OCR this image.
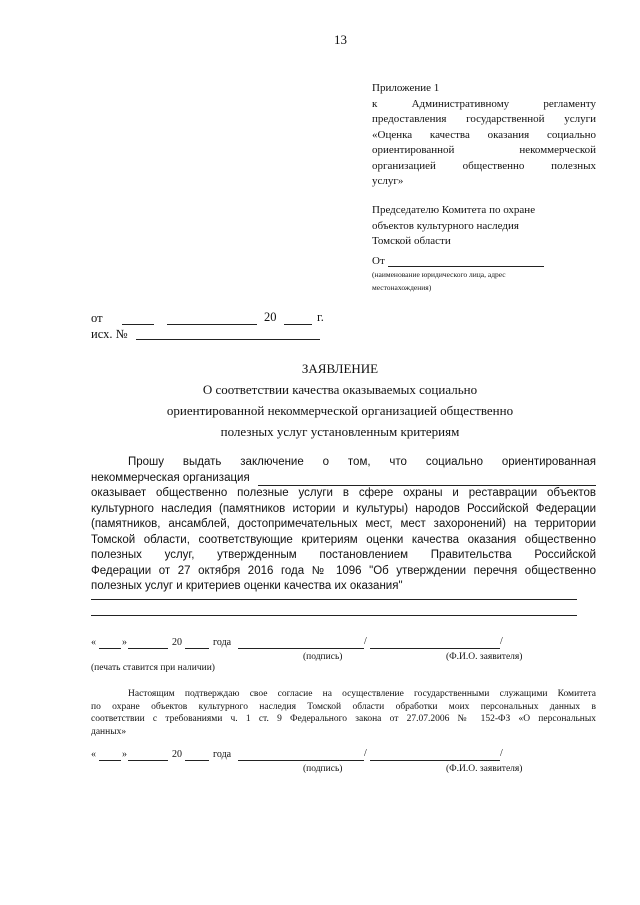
13
Приложение 1
к Административному регламенту
предоставления государственной услуги
«Оценка качества оказания социально
ориентированной некоммерческой
организацией общественно полезных
услуг»
Председателю Комитета по охране
объектов культурного наследия
Томской области
От
(наименование юридического лица, адрес
местонахождения)
от	20	г.
исх. №
ЗАЯВЛЕНИЕ
О соответствии качества оказываемых социально
ориентированной некоммерческой организацией общественно
полезных услуг установленным критериям
Прошу выдать заключение о том, что социально ориентированная
некоммерческая организация
оказывает общественно полезные услуги в сфере охраны и реставрации объектов
культурного наследия (памятников истории и культуры) народов Российской Федерации
(памятников, ансамблей, достопримечательных мест, мест захоронений) на территории
Томской области, соответствующие критериям оценки качества оказания общественно
полезных услуг, утвержденным постановлением Правительства Российской
Федерации от 27 октября 2016 года № 1096 "Об утверждении перечня общественно
полезных услуг и критериев оценки качества их оказания"
«	»	20	года	/	/
(подпись)	(Ф.И.О. заявителя)
(печать ставится при наличии)
Настоящим подтверждаю свое согласие на осуществление государственными служащими Комитета
по охране объектов культурного наследия Томской области обработки моих персональных данных в
соответствии с требованиями ч. 1 ст. 9 Федерального закона от 27.07.2006 № 152-ФЗ «О персональных
данных»
«	»	20	года	/	/
(подпись)	(Ф.И.О. заявителя)
